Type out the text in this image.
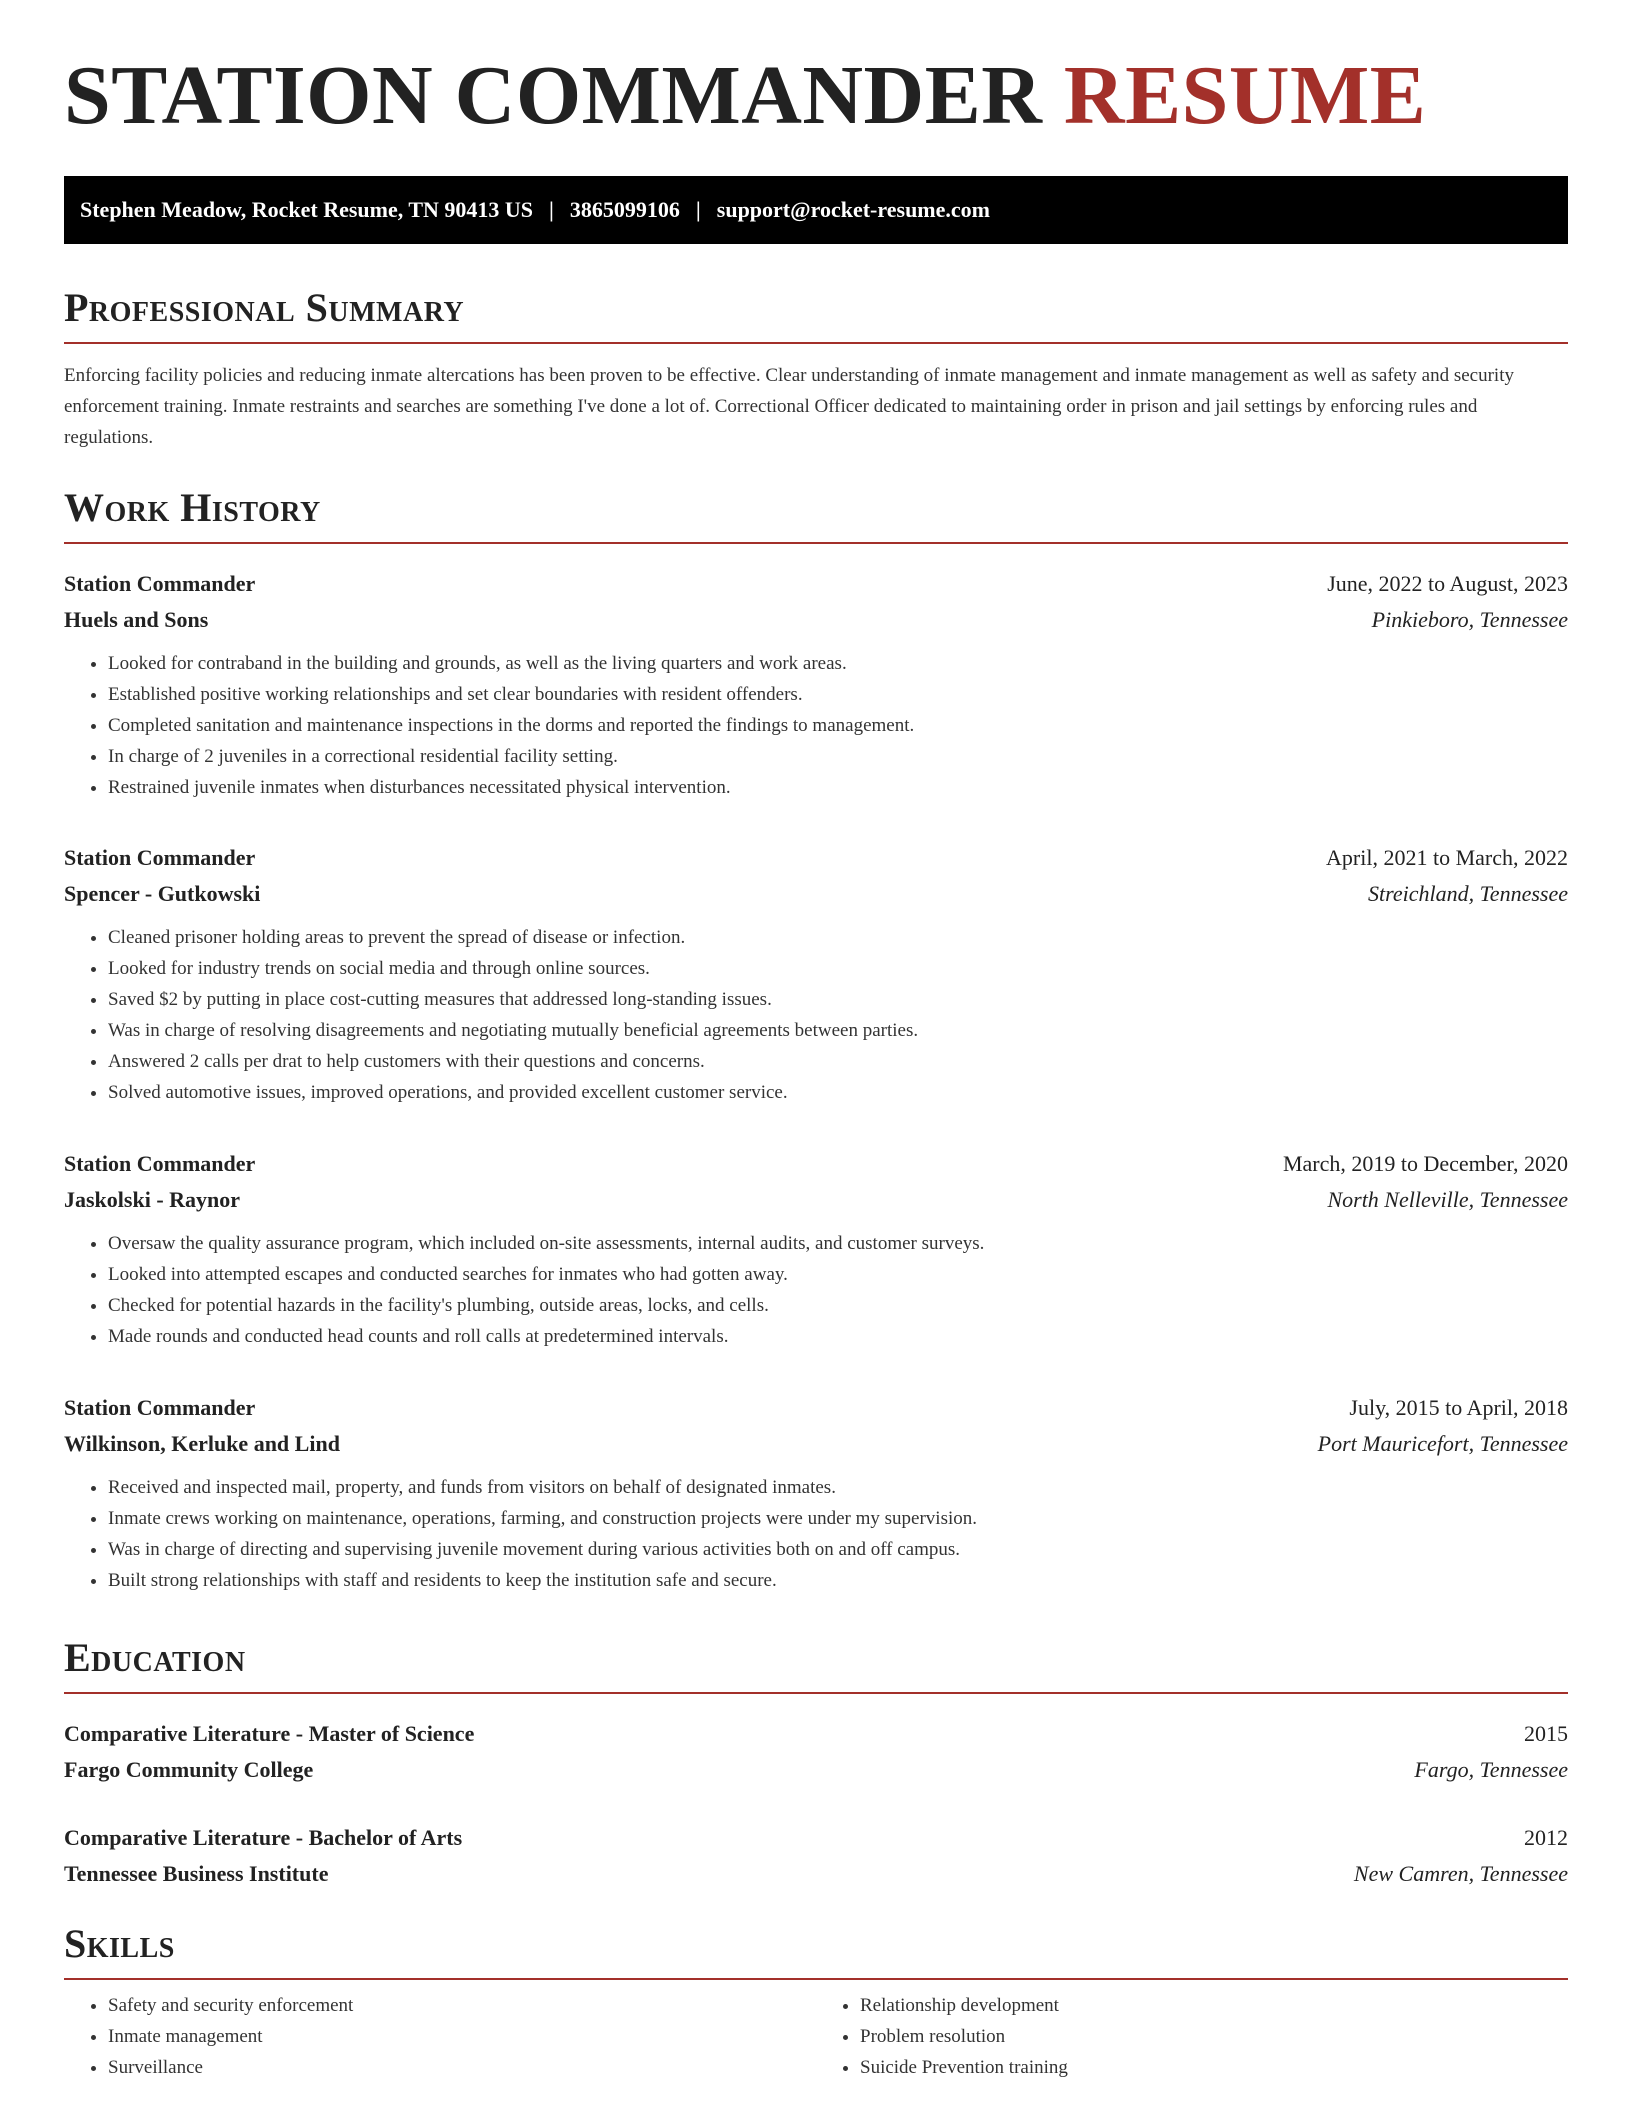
STATION COMMANDER RESUME
Stephen Meadow, Rocket Resume, TN 90413 US | 3865099106 | support@rocket-resume.com
Professional Summary

Enforcing facility policies and reducing inmate altercations has been proven to be effective. Clear understanding of inmate management and inmate management as well as safety and security enforcement training. Inmate restraints and searches are something I've done a lot of. Correctional Officer dedicated to maintaining order in prison and jail settings by enforcing rules and regulations.

Work History
Station Commander	June, 2022 to August, 2023
Huels and Sons	Pinkieboro, Tennessee
• Looked for contraband in the building and grounds, as well as the living quarters and work areas.
• Established positive working relationships and set clear boundaries with resident offenders.
• Completed sanitation and maintenance inspections in the dorms and reported the findings to management.
• In charge of 2 juveniles in a correctional residential facility setting.
• Restrained juvenile inmates when disturbances necessitated physical intervention.
Station Commander	April, 2021 to March, 2022
Spencer - Gutkowski	Streichland, Tennessee
• Cleaned prisoner holding areas to prevent the spread of disease or infection.
• Looked for industry trends on social media and through online sources.
• Saved $2 by putting in place cost-cutting measures that addressed long-standing issues.
• Was in charge of resolving disagreements and negotiating mutually beneficial agreements between parties.
• Answered 2 calls per drat to help customers with their questions and concerns.
• Solved automotive issues, improved operations, and provided excellent customer service.
Station Commander	March, 2019 to December, 2020
Jaskolski - Raynor	North Nelleville, Tennessee
• Oversaw the quality assurance program, which included on-site assessments, internal audits, and customer surveys.
• Looked into attempted escapes and conducted searches for inmates who had gotten away.
• Checked for potential hazards in the facility's plumbing, outside areas, locks, and cells.
• Made rounds and conducted head counts and roll calls at predetermined intervals.
Station Commander	July, 2015 to April, 2018
Wilkinson, Kerluke and Lind	Port Mauricefort, Tennessee
• Received and inspected mail, property, and funds from visitors on behalf of designated inmates.
• Inmate crews working on maintenance, operations, farming, and construction projects were under my supervision.
• Was in charge of directing and supervising juvenile movement during various activities both on and off campus.
• Built strong relationships with staff and residents to keep the institution safe and secure.
Education
Comparative Literature - Master of Science	2015
Fargo Community College	Fargo, Tennessee
Comparative Literature - Bachelor of Arts	2012
Tennessee Business Institute	New Camren, Tennessee
Skills
• Safety and security enforcement
• Inmate management
• Surveillance
• Relationship development
• Problem resolution
• Suicide Prevention training
